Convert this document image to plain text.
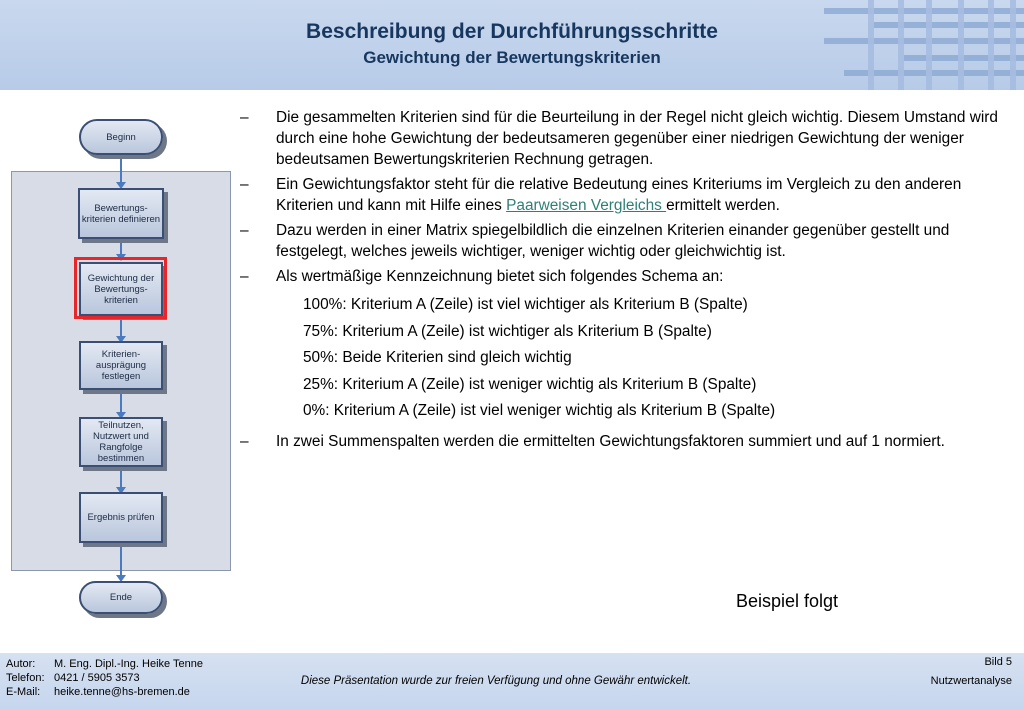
Beschreibung der Durchführungsschritte
Gewichtung der Bewertungskriterien
Beginn
Bewertungs-
kriterien definieren
Gewichtung der
Bewertungs-
kriterien
Kriterien-
ausprägung
festlegen
Teilnutzen,
Nutzwert und
Rangfolge
bestimmen
Ergebnis prüfen
Ende
– Die gesammelten Kriterien sind für die Beurteilung in der Regel nicht gleich wichtig. Diesem Umstand wird durch eine hohe Gewichtung der bedeutsameren gegenüber einer niedrigen Gewichtung der weniger bedeutsamen Bewertungskriterien Rechnung getragen.
– Ein Gewichtungsfaktor steht für die relative Bedeutung eines Kriteriums im Vergleich zu den anderen Kriterien und kann mit Hilfe eines Paarweisen Vergleichs ermittelt werden.
– Dazu werden in einer Matrix spiegelbildlich die einzelnen Kriterien einander gegenüber gestellt und festgelegt, welches jeweils wichtiger, weniger wichtig oder gleichwichtig ist.
– Als wertmäßige Kennzeichnung bietet sich folgendes Schema an:
100%: Kriterium A (Zeile) ist viel wichtiger als Kriterium B (Spalte)
75%: Kriterium A (Zeile) ist wichtiger als Kriterium B (Spalte)
50%: Beide Kriterien sind gleich wichtig
25%: Kriterium A (Zeile) ist weniger wichtig als Kriterium B (Spalte)
0%: Kriterium A (Zeile) ist viel weniger wichtig als Kriterium B (Spalte)
– In zwei Summenspalten werden die ermittelten Gewichtungsfaktoren summiert und auf 1 normiert.
Beispiel folgt
Autor: M. Eng. Dipl.-Ing. Heike Tenne
Telefon: 0421 / 5905 3573
E-Mail: heike.tenne@hs-bremen.de
Diese Präsentation wurde zur freien Verfügung und ohne Gewähr entwickelt.
Bild 5
Nutzwertanalyse
